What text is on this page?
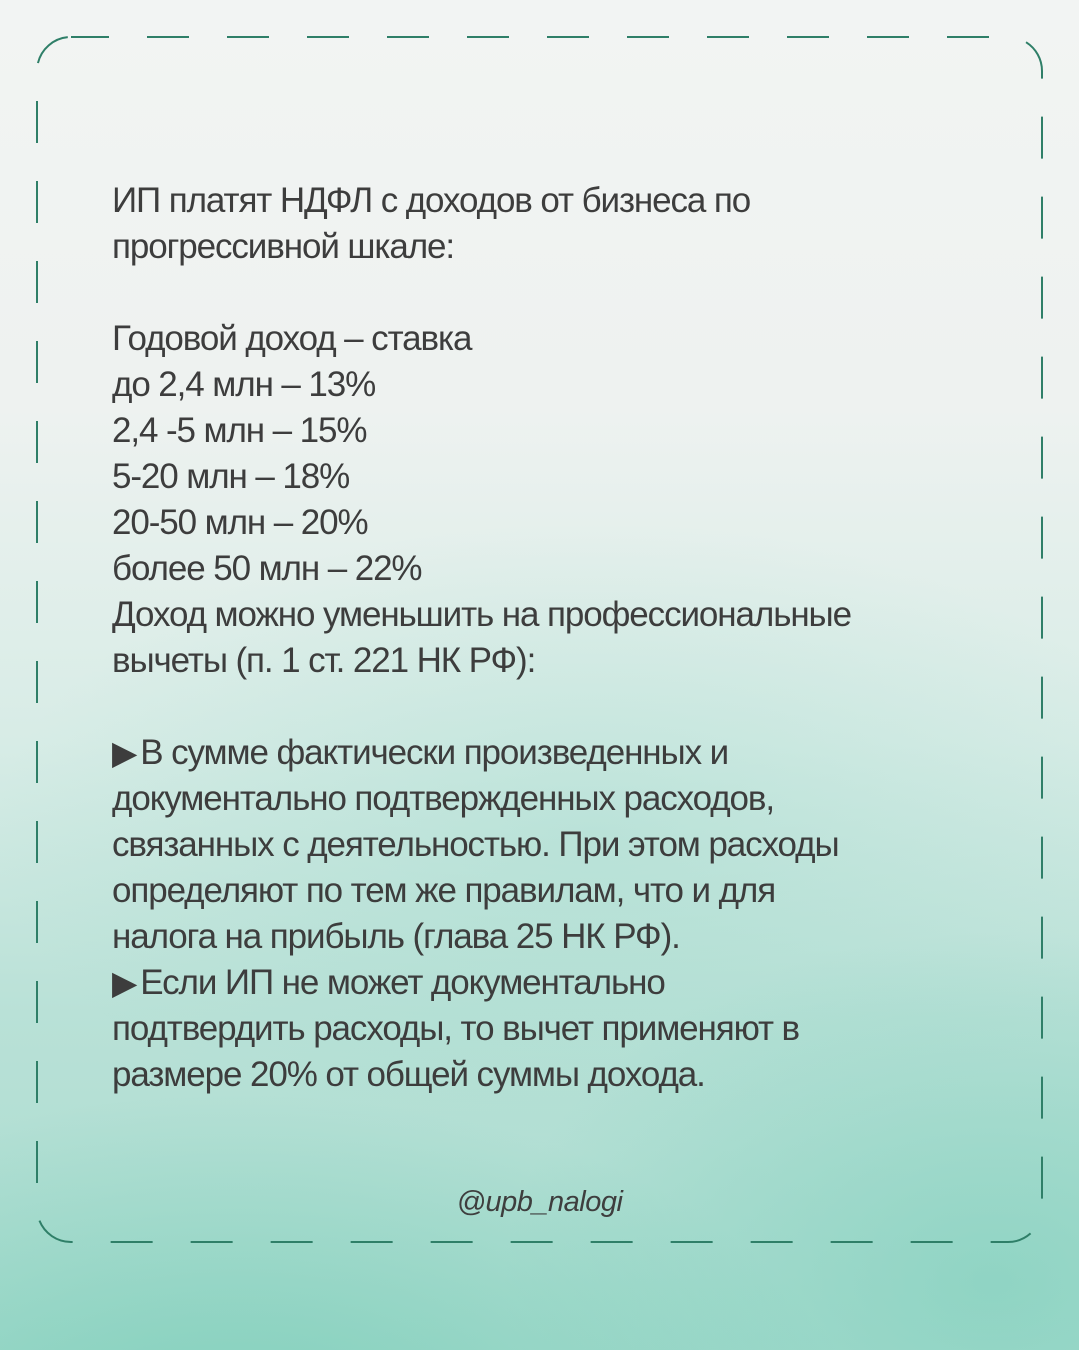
ИП платят НДФЛ с доходов от бизнеса по
прогрессивной шкале:
Годовой доход – ставка
до 2,4 млн – 13%
2,4 -5 млн – 15%
5-20 млн – 18%
20-50 млн – 20%
более 50 млн – 22%
Доход можно уменьшить на профессиональные
вычеты (п. 1 ст. 221 НК РФ):
▶ В сумме фактически произведенных и
документально подтвержденных расходов,
связанных с деятельностью. При этом расходы
определяют по тем же правилам, что и для
налога на прибыль (глава 25 НК РФ).
▶ Если ИП не может документально
подтвердить расходы, то вычет применяют в
размере 20% от общей суммы дохода.
@upb_nalogi
